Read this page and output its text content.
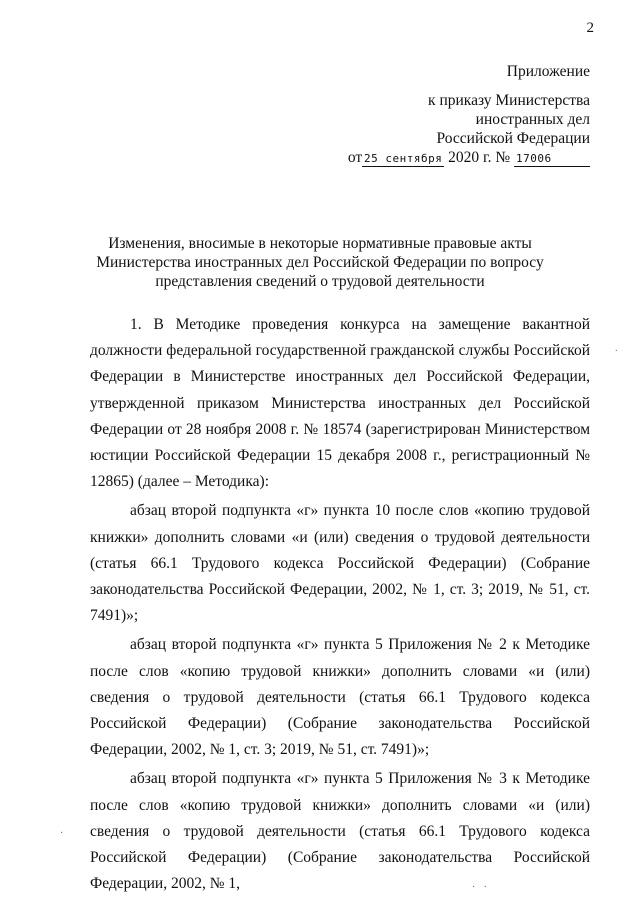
2
Приложение
к приказу Министерства
иностранных дел
Российской Федерации
от 25 сентября 2020 г. № 17006
Изменения, вносимые в некоторые нормативные правовые акты
Министерства иностранных дел Российской Федерации по вопросу
представления сведений о трудовой деятельности

1. В Методике проведения конкурса на замещение вакантной должности федеральной государственной гражданской службы Российской Федерации в Министерстве иностранных дел Российской Федерации, утвержденной приказом Министерства иностранных дел Российской Федерации от 28 ноября 2008 г. № 18574 (зарегистрирован Министерством юстиции Российской Федерации 15 декабря 2008 г., регистрационный № 12865) (далее – Методика):

абзац второй подпункта «г» пункта 10 после слов «копию трудовой книжки» дополнить словами «и (или) сведения о трудовой деятельности (статья 66.1 Трудового кодекса Российской Федерации) (Собрание законодательства Российской Федерации, 2002, № 1, ст. 3; 2019, № 51, ст. 7491)»;

абзац второй подпункта «г» пункта 5 Приложения № 2 к Методике после слов «копию трудовой книжки» дополнить словами «и (или) сведения о трудовой деятельности (статья 66.1 Трудового кодекса Российской Федерации) (Собрание законодательства Российской Федерации, 2002, № 1, ст. 3; 2019, № 51, ст. 7491)»;

абзац второй подпункта «г» пункта 5 Приложения № 3 к Методике после слов «копию трудовой книжки» дополнить словами «и (или) сведения о трудовой деятельности (статья 66.1 Трудового кодекса Российской Федерации) (Собрание законодательства Российской Федерации, 2002, № 1,

·
·
· ·
